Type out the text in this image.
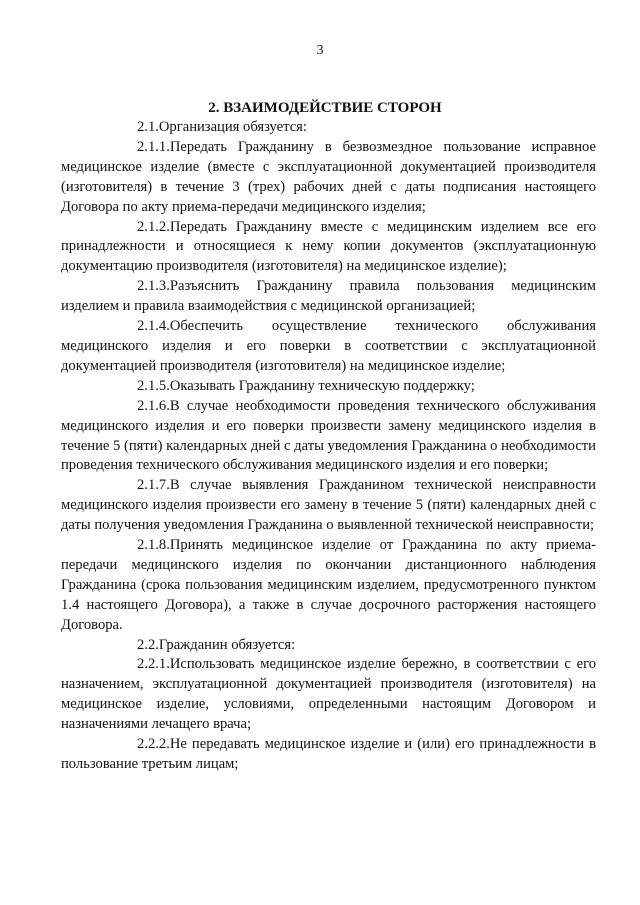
3
2. ВЗАИМОДЕЙСТВИЕ СТОРОН

2.1.Организация обязуется:

2.1.1.Передать Гражданину в безвозмездное пользование исправное медицинское изделие (вместе с эксплуатационной документацией производителя (изготовителя) в течение 3 (трех) рабочих дней с даты подписания настоящего Договора по акту приема-передачи медицинского изделия;

2.1.2.Передать Гражданину вместе с медицинским изделием все его принадлежности и относящиеся к нему копии документов (эксплуатационную документацию производителя (изготовителя) на медицинское изделие);

2.1.3.Разъяснить Гражданину правила пользования медицинским изделием и правила взаимодействия с медицинской организацией;

2.1.4.Обеспечить осуществление технического обслуживания медицинского изделия и его поверки в соответствии с эксплуатационной документацией производителя (изготовителя) на медицинское изделие;

2.1.5.Оказывать Гражданину техническую поддержку;

2.1.6.В случае необходимости проведения технического обслуживания медицинского изделия и его поверки произвести замену медицинского изделия в течение 5 (пяти) календарных дней с даты уведомления Гражданина о необходимости проведения технического обслуживания медицинского изделия и его поверки;

2.1.7.В случае выявления Гражданином технической неисправности медицинского изделия произвести его замену в течение 5 (пяти) календарных дней с даты получения уведомления Гражданина о выявленной технической неисправности;

2.1.8.Принять медицинское изделие от Гражданина по акту приема-передачи медицинского изделия по окончании дистанционного наблюдения Гражданина (срока пользования медицинским изделием, предусмотренного пунктом 1.4 настоящего Договора), а также в случае досрочного расторжения настоящего Договора.

2.2.Гражданин обязуется:

2.2.1.Использовать медицинское изделие бережно, в соответствии с его назначением, эксплуатационной документацией производителя (изготовителя) на медицинское изделие, условиями, определенными настоящим Договором и назначениями лечащего врача;

2.2.2.Не передавать медицинское изделие и (или) его принадлежности в пользование третьим лицам;
